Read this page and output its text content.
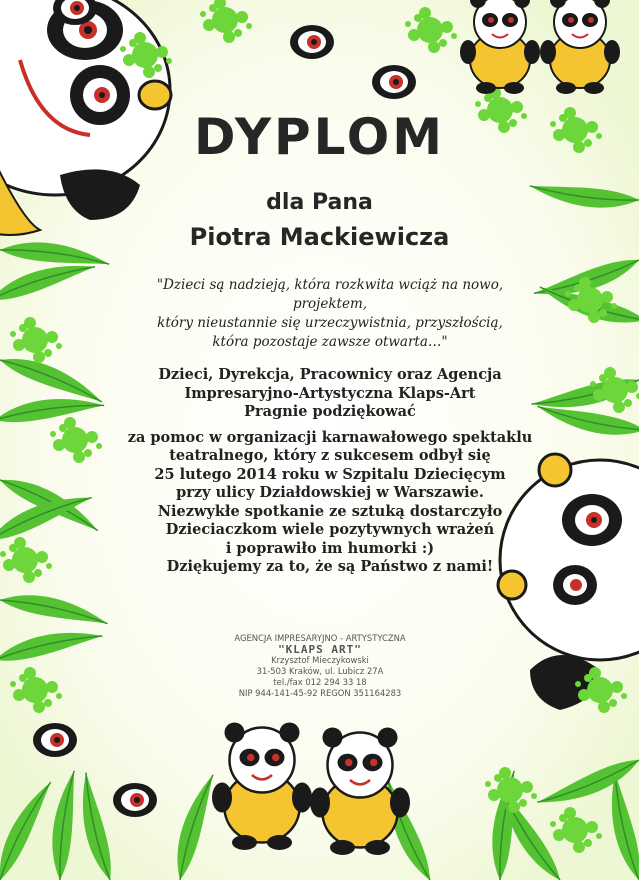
DYPLOM
dla Pana
Piotra Mackiewicza
"Dzieci są nadzieją, która rozkwita wciąż na nowo, projektem,
który nieustannie się urzeczywistnia, przyszłością,
która pozostaje zawsze otwarta…"
Dzieci, Dyrekcja, Pracownicy oraz Agencja
Impresaryjno-Artystyczna Klaps-Art
Pragnie podziękować
za pomoc w organizacji karnawałowego spektaklu
teatralnego, który z sukcesem odbył się
25 lutego 2014 roku w Szpitalu Dziecięcym
przy ulicy Działdowskiej w Warszawie.
Niezwykłe spotkanie ze sztuką dostarczyło
Dzieciaczkom wiele pozytywnych wrażeń
i poprawiło im humorki :)
Dziękujemy za to, że są Państwo z nami!
AGENCJA IMPRESARYJNO - ARTYSTYCZNA
"KLAPS ART"
Krzysztof Mieczykowski
31-503 Kraków, ul. Lubicz 27A
tel./fax 012 294 33 18
NIP 944-141-45-92 REGON 351164283
